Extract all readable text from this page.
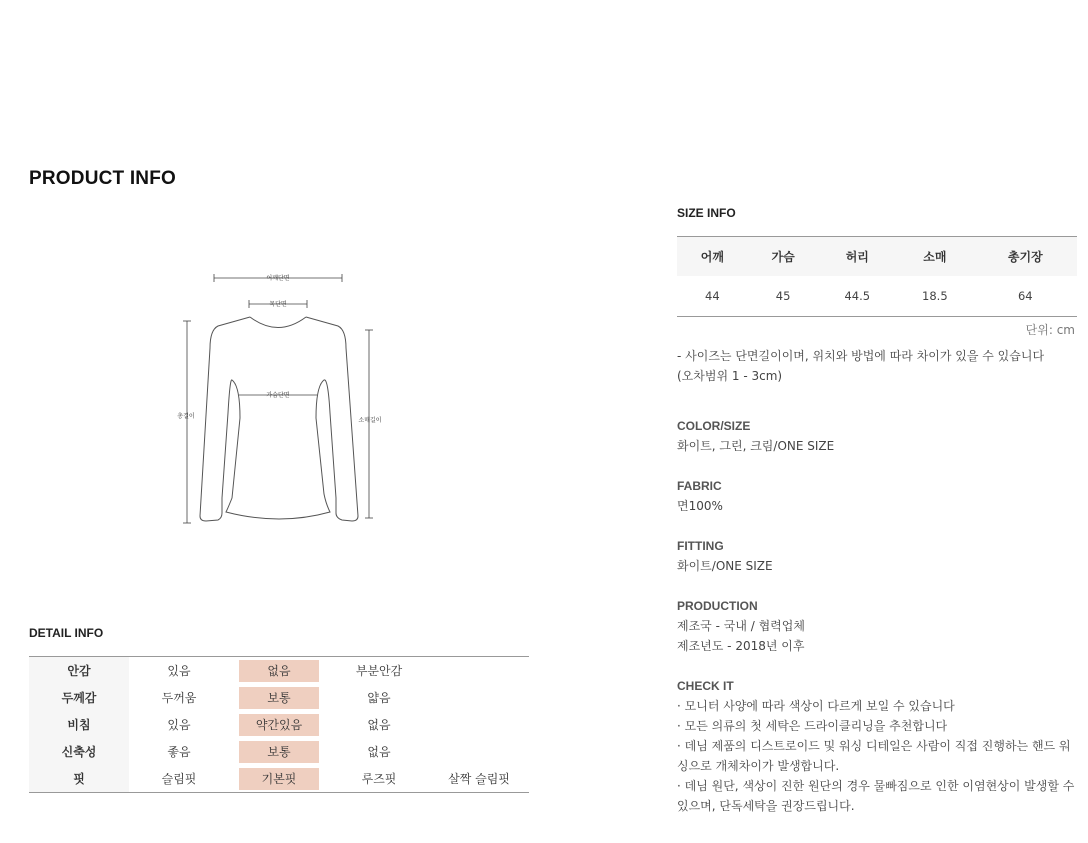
PRODUCT INFO
어깨단면
목단면
가슴단면
총길이
소매길이
DETAIL INFO
안감	있음	없음	부분안감	
두께감	두꺼움	보통	얇음	
비침	있음	약간있음	없음	
신축성	좋음	보통	없음	
핏	슬림핏	기본핏	루즈핏	살짝 슬림핏
SIZE INFO
어깨	가슴	허리	소매	총기장
44	45	44.5	18.5	64
단위: cm
- 사이즈는 단면길이이며, 위치와 방법에 따라 차이가 있을 수 있습니다
(오차범위 1 - 3cm)
COLOR/SIZE
화이트, 그린, 크림/ONE SIZE
FABRIC
면100%
FITTING
화이트/ONE SIZE
PRODUCTION
제조국 - 국내 / 협력업체
제조년도 - 2018년 이후
CHECK IT
· 모니터 사양에 따라 색상이 다르게 보일 수 있습니다
· 모든 의류의 첫 세탁은 드라이클리닝을 추천합니다
· 데님 제품의 디스트로이드 및 워싱 디테일은 사람이 직접 진행하는 핸드 워싱으로 개체차이가 발생합니다.
· 데님 원단, 색상이 진한 원단의 경우 물빠짐으로 인한 이염현상이 발생할 수 있으며, 단독세탁을 권장드립니다.
